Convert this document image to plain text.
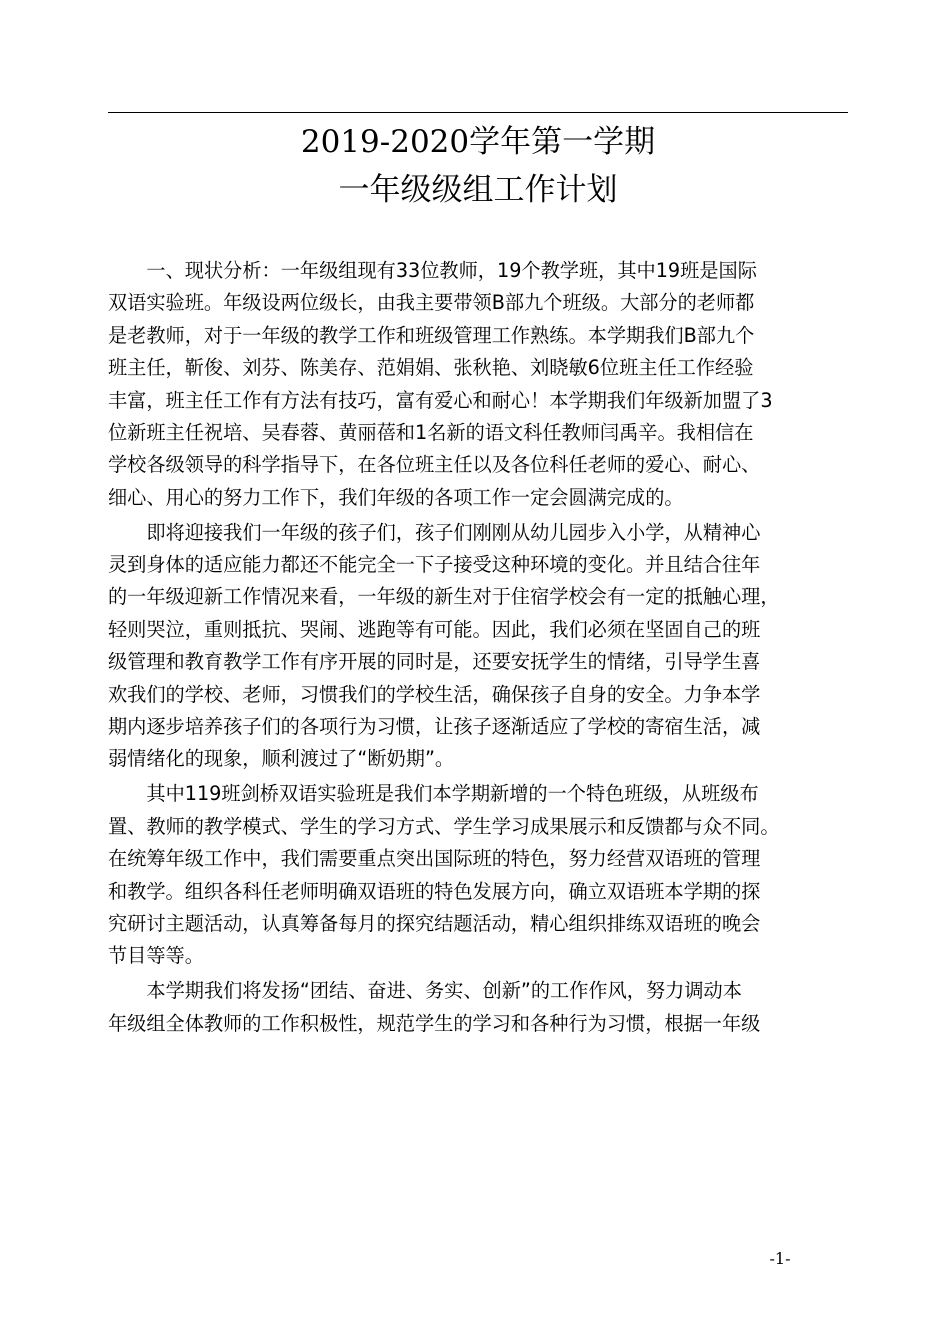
2019-2020学年第一学期
一年级级组工作计划

一、现状分析：一年级组现有33位教师，19个教学班，其中19班是国际
双语实验班。年级设两位级长，由我主要带领B部九个班级。大部分的老师都
是老教师，对于一年级的教学工作和班级管理工作熟练。本学期我们B部九个
班主任，靳俊、刘芬、陈美存、范娟娟、张秋艳、刘晓敏6位班主任工作经验
丰富，班主任工作有方法有技巧，富有爱心和耐心！本学期我们年级新加盟了3
位新班主任祝培、吴春蓉、黄丽蓓和1名新的语文科任教师闫禹辛。我相信在
学校各级领导的科学指导下，在各位班主任以及各位科任老师的爱心、耐心、
细心、用心的努力工作下，我们年级的各项工作一定会圆满完成的。

即将迎接我们一年级的孩子们，孩子们刚刚从幼儿园步入小学，从精神心
灵到身体的适应能力都还不能完全一下子接受这种环境的变化。并且结合往年
的一年级迎新工作情况来看，一年级的新生对于住宿学校会有一定的抵触心理，
轻则哭泣，重则抵抗、哭闹、逃跑等有可能。因此，我们必须在坚固自己的班
级管理和教育教学工作有序开展的同时是，还要安抚学生的情绪，引导学生喜
欢我们的学校、老师，习惯我们的学校生活，确保孩子自身的安全。力争本学
期内逐步培养孩子们的各项行为习惯，让孩子逐渐适应了学校的寄宿生活，减
弱情绪化的现象，顺利渡过了“断奶期”。

其中119班剑桥双语实验班是我们本学期新增的一个特色班级，从班级布
置、教师的教学模式、学生的学习方式、学生学习成果展示和反馈都与众不同。
在统筹年级工作中，我们需要重点突出国际班的特色，努力经营双语班的管理
和教学。组织各科任老师明确双语班的特色发展方向，确立双语班本学期的探
究研讨主题活动，认真筹备每月的探究结题活动，精心组织排练双语班的晚会
节目等等。

本学期我们将发扬“团结、奋进、务实、创新”的工作作风，努力调动本
年级组全体教师的工作积极性，规范学生的学习和各种行为习惯，根据一年级

-1-
